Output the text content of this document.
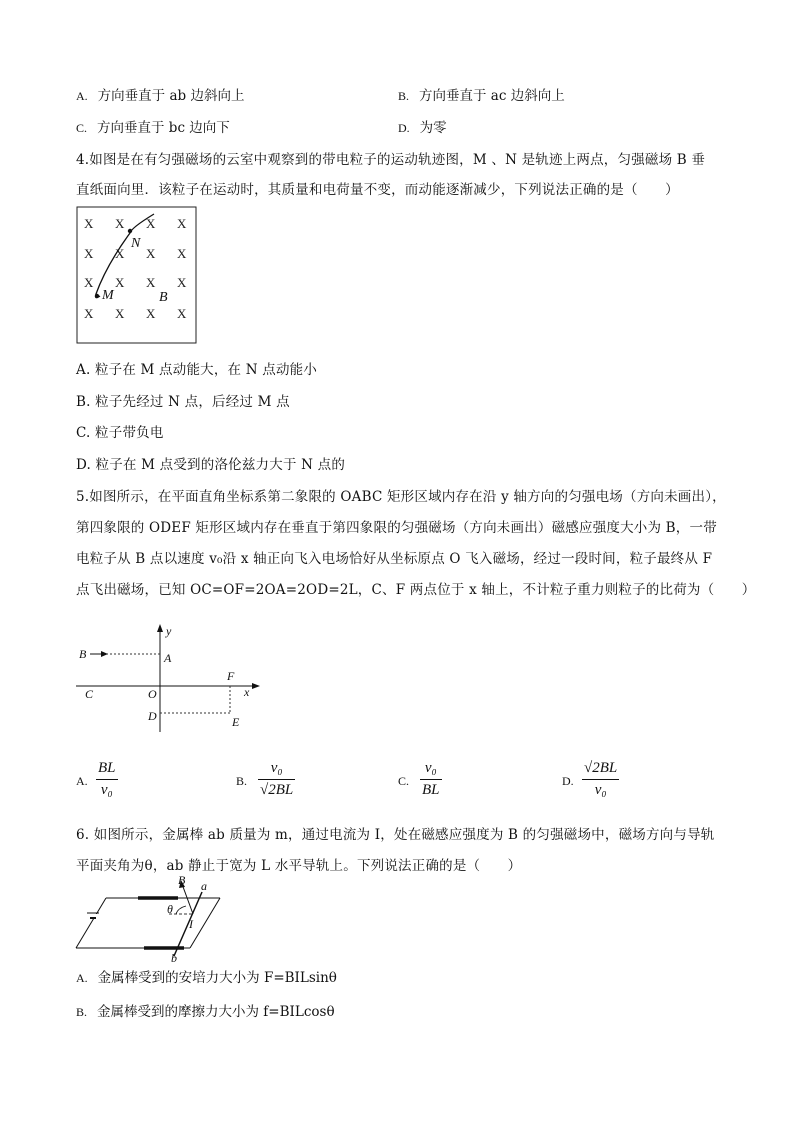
A. 方向垂直于 ab 边斜向上	B. 方向垂直于 ac 边斜向上
C. 方向垂直于 bc 边向下	D. 为零
4.如图是在有匀强磁场的云室中观察到的带电粒子的运动轨迹图，M 、N 是轨迹上两点，匀强磁场 B 垂
直纸面向里．该粒子在运动时，其质量和电荷量不变，而动能逐渐减少，下列说法正确的是（　　）
X X X X
X X X X
X X X X
X X X X
N
M	B
A. 粒子在 M 点动能大，在 N 点动能小
B. 粒子先经过 N 点，后经过 M 点
C. 粒子带负电
D. 粒子在 M 点受到的洛伦兹力大于 N 点的
5.如图所示，在平面直角坐标系第二象限的 OABC 矩形区域内存在沿 y 轴方向的匀强电场（方向未画出），
第四象限的 ODEF 矩形区域内存在垂直于第四象限的匀强磁场（方向未画出）磁感应强度大小为 B，一带
电粒子从 B 点以速度 v₀沿 x 轴正向飞入电场恰好从坐标原点 O 飞入磁场，经过一段时间，粒子最终从 F
点飞出磁场，已知 OC=OF=2OA=2OD=2L，C、F 两点位于 x 轴上，不计粒子重力则粒子的比荷为（　　）
y
x
B	A
C	O
F
D	E
A.
BL
v₀
B.
v₀
√2BL
C.
v₀
BL
D.
√2BL
v₀
6. 如图所示，金属棒 ab 质量为 m，通过电流为 I，处在磁感应强度为 B 的匀强磁场中，磁场方向与导轨
平面夹角为θ，ab 静止于宽为 L 水平导轨上。下列说法正确的是（　　）
B a
θ
I
b
A. 金属棒受到的安培力大小为 F=BILsinθ
B. 金属棒受到的摩擦力大小为 f=BILcosθ
